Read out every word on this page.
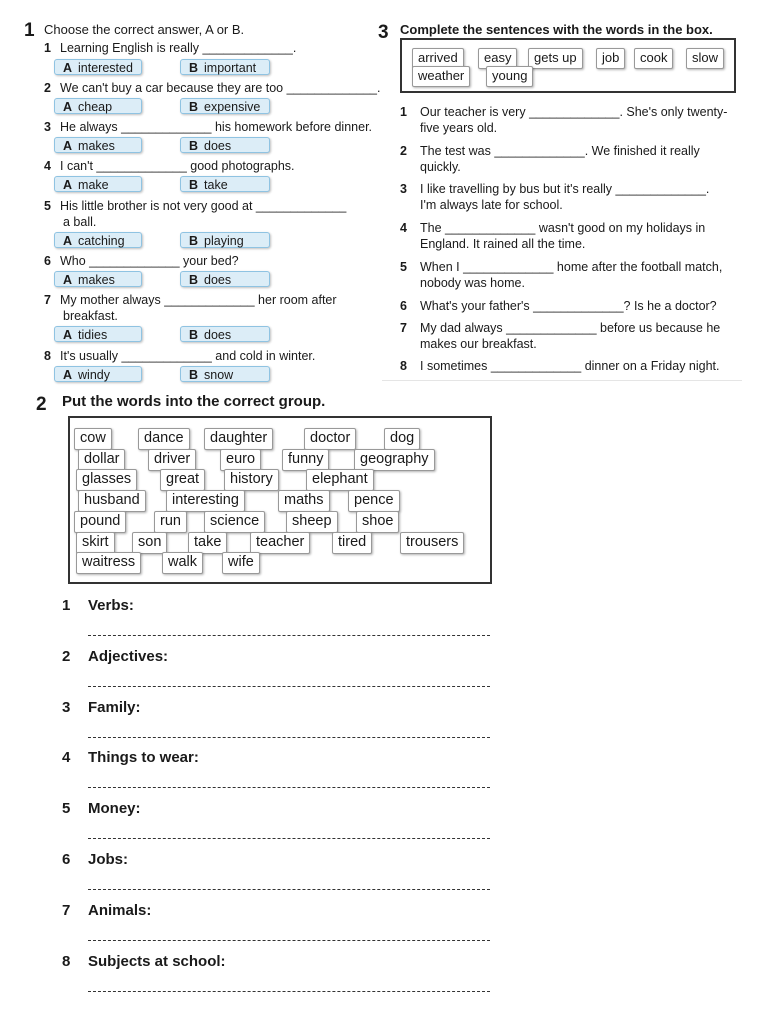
1 Choose the correct answer, A or B.
1 Learning English is really _____________.
A interested	B important
2 We can't buy a car because they are too _____________.
A cheap	B expensive
3 He always _____________ his homework before dinner.
A makes	B does
4 I can't _____________ good photographs.
A make	B take
5 His little brother is not very good at _____________
a ball.
A catching	B playing
6 Who _____________ your bed?
A makes	B does
7 My mother always _____________ her room after
breakfast.
A tidies	B does
8 It's usually _____________ and cold in winter.
A windy	B snow
3 Complete the sentences with the words in the box.
arrived	easy	gets up	job	cook	slow
weather	young
1 Our teacher is very _____________. She's only twenty-
five years old.
2 The test was _____________. We finished it really
quickly.
3 I like travelling by bus but it's really _____________.
I'm always late for school.
4 The _____________ wasn't good on my holidays in
England. It rained all the time.
5 When I _____________ home after the football match,
nobody was home.
6 What's your father's _____________? Is he a doctor?
7 My dad always _____________ before us because he
makes our breakfast.
8 I sometimes _____________ dinner on a Friday night.
2 Put the words into the correct group.
cow	dance	daughter	doctor	dog
dollar	driver	euro	funny	geography
glasses	great	history	elephant
husband	interesting	maths	pence
pound	run	science	sheep	shoe
skirt	son	take	teacher	tired	trousers
waitress	walk	wife
1 Verbs:
2 Adjectives:
3 Family:
4 Things to wear:
5 Money:
6 Jobs:
7 Animals:
8 Subjects at school:
